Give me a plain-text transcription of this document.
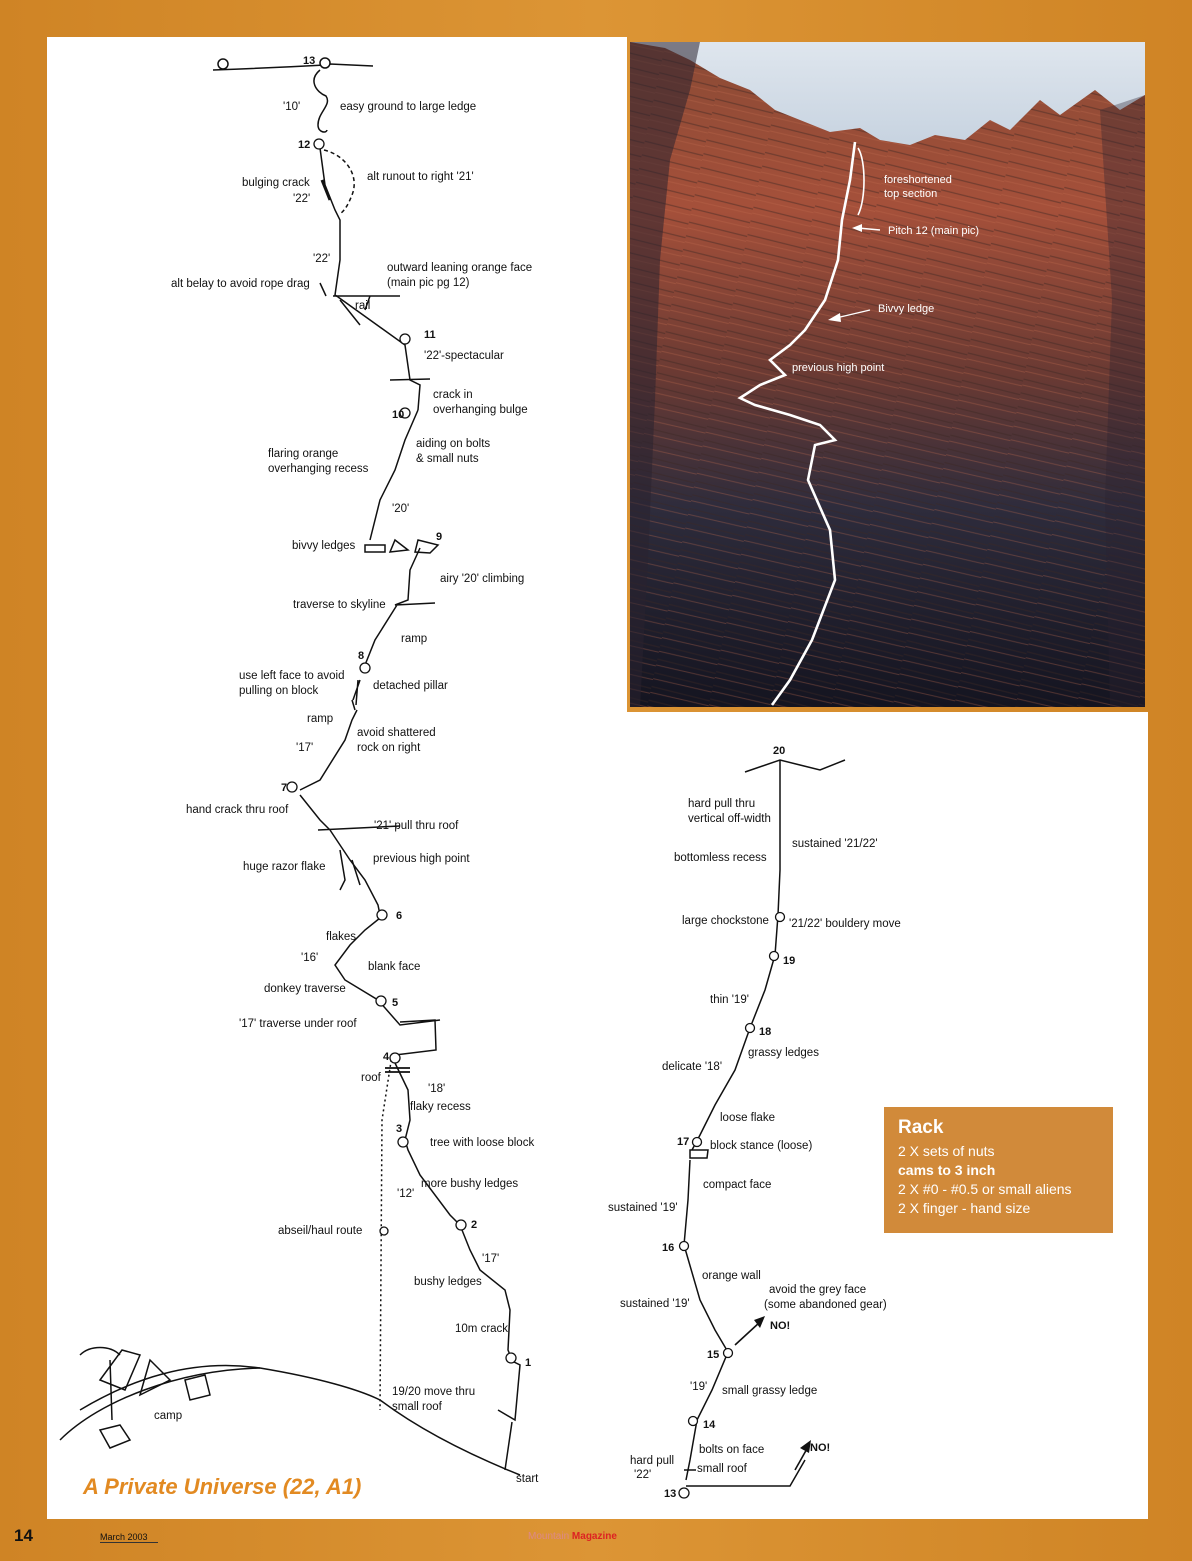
foreshortened
top section
Pitch 12 (main pic)
Bivvy ledge
previous high point
13
12
11
10
9
8
7
6
5
4
3
2
1
'10'
'22'
'22'
'20'
'17'
'16'
'18'
'12'
'17'
easy ground to large ledge
bulging crack	alt runout to right '21'
alt belay to avoid rope drag
outward leaning orange face
(main pic pg 12)
rail
'22'-spectacular
crack in
overhanging bulge
aiding on bolts
& small nuts
flaring orange
overhanging recess
bivvy ledges
airy '20' climbing
traverse to skyline
ramp
use left face to avoid
pulling on block	detached pillar
ramp
avoid shattered
rock on right
hand crack thru roof
'21' pull thru roof
huge razor flake
previous high point
flakes
blank face
donkey traverse
'17' traverse under roof
roof
flaky recess
tree with loose block
more bushy ledges
abseil/haul route
bushy ledges
10m crack
19/20 move thru
small roof
camp
start
20
19
18
17
16
15
14
13
hard pull thru
vertical off-width
sustained '21/22'
bottomless recess
large chockstone '21/22' bouldery move
thin '19'
grassy ledges
delicate '18'
loose flake
block stance (loose)
compact face
sustained '19'
orange wall
avoid the grey face
(some abandoned gear)
sustained '19'
NO!
'19' small grassy ledge
bolts on face
hard pull
'22'	small roof
NO!
Rack
2 X sets of nuts
cams to 3 inch
2 X #0 - #0.5 or small aliens
2 X finger - hand size
A Private Universe (22, A1)
14	March 2003	Mountain Magazine
